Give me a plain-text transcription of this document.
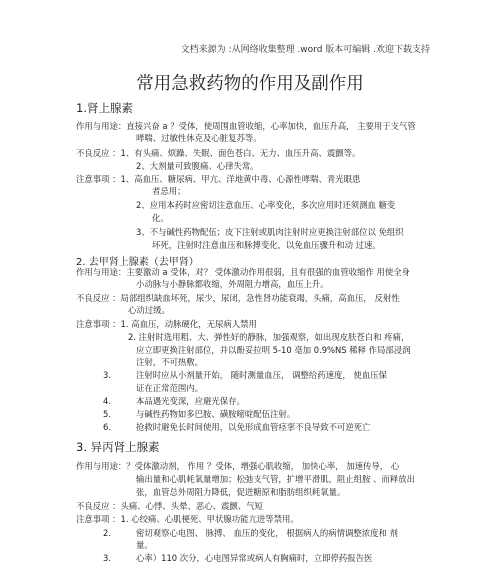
文档来源为 :从网络收集整理 .word 版本可编辑 .欢迎下载支持
常用急救药物的作用及副作用
1.肾上腺素
作用与用途：直接兴奋 a ？受体，使周围血管收缩，心率加快，血压升高， 主要用于支气管
哮喘、过敏性休克及心脏复苏等。
不良反应 ：1、有头痛、烦躁、失眠、面色苍白、无力、血压升高、震颤等。
2、大剂量可致腹痛、心律失常。
注意事项 ：1、高血压、糖尿病、甲亢、洋地黄中毒、心源性哮喘、青光眼患
者忌用；
2、应用本药时应密切注意血压、心率变化，多次应用时还须测血 糖变
化。
3、不与碱性药物配伍；皮下注射或肌肉注射时应更换注射部位以 免组织
坏死，注射时注意血压和脉搏变化，以免血压骤升和动 过速。
2. 去甲肾上腺素（去甲肾）
作用与用途：主要激动 a 受体，对？ 受体激动作用很弱，且有很强的血管收缩作 用使全身
小动脉与小静脉都收缩，外周阻力增高，血压上升。
不良反应 ：局部组织缺血坏死，尿少，尿闭，急性肾功能衰竭，头痛，高血压， 反射性
心动过缓。
注意事项 ：1. 高血压，动脉硬化，无尿病人禁用
2. 注射时选用粗、大、弹性好的静脉，加强观察，如出现皮肤苍白和 疼痛，
应立即更换注射部位，并以酚妥拉明 5-10 毫加 0.9%NS 稀释 作局部浸润
注射，不可热敷。
3.	注射时应从小剂量开始， 随时测量血压， 调整给药速度， 使血压保
证在正常范围内。
4.	本品遇光变深，应避光保存。
5.	与碱性药物如多巴胺、磺胺嘧啶配伍注射。
6.	抢救时避免长时间使用，以免形成血管痉挛不良导致不可逆死亡
3. 异丙肾上腺素
作用与用途：？受体激动剂， 作用 ？受体，增强心肌收缩， 加快心率， 加速传导， 心
输出量和心肌耗氧量增加；松弛支气管，扩增平滑肌，阻止组胺 、而释放出
张，血管总外周阻力降低，促进糖原和脂肪组织耗氧量。
不良反应 ：头痛、心悸、头晕、恶心、震颤、气短
注意事项 ：1. 心绞痛、心肌梗死、甲状腺功能亢进等禁用。
2.	密切观察心电图、 脉搏、 血压的变化， 根据病人的病情调整浓度和 剂
量。
3.	心率）110 次分，心电图异常或病人有胸痛时，立即停药报告医
